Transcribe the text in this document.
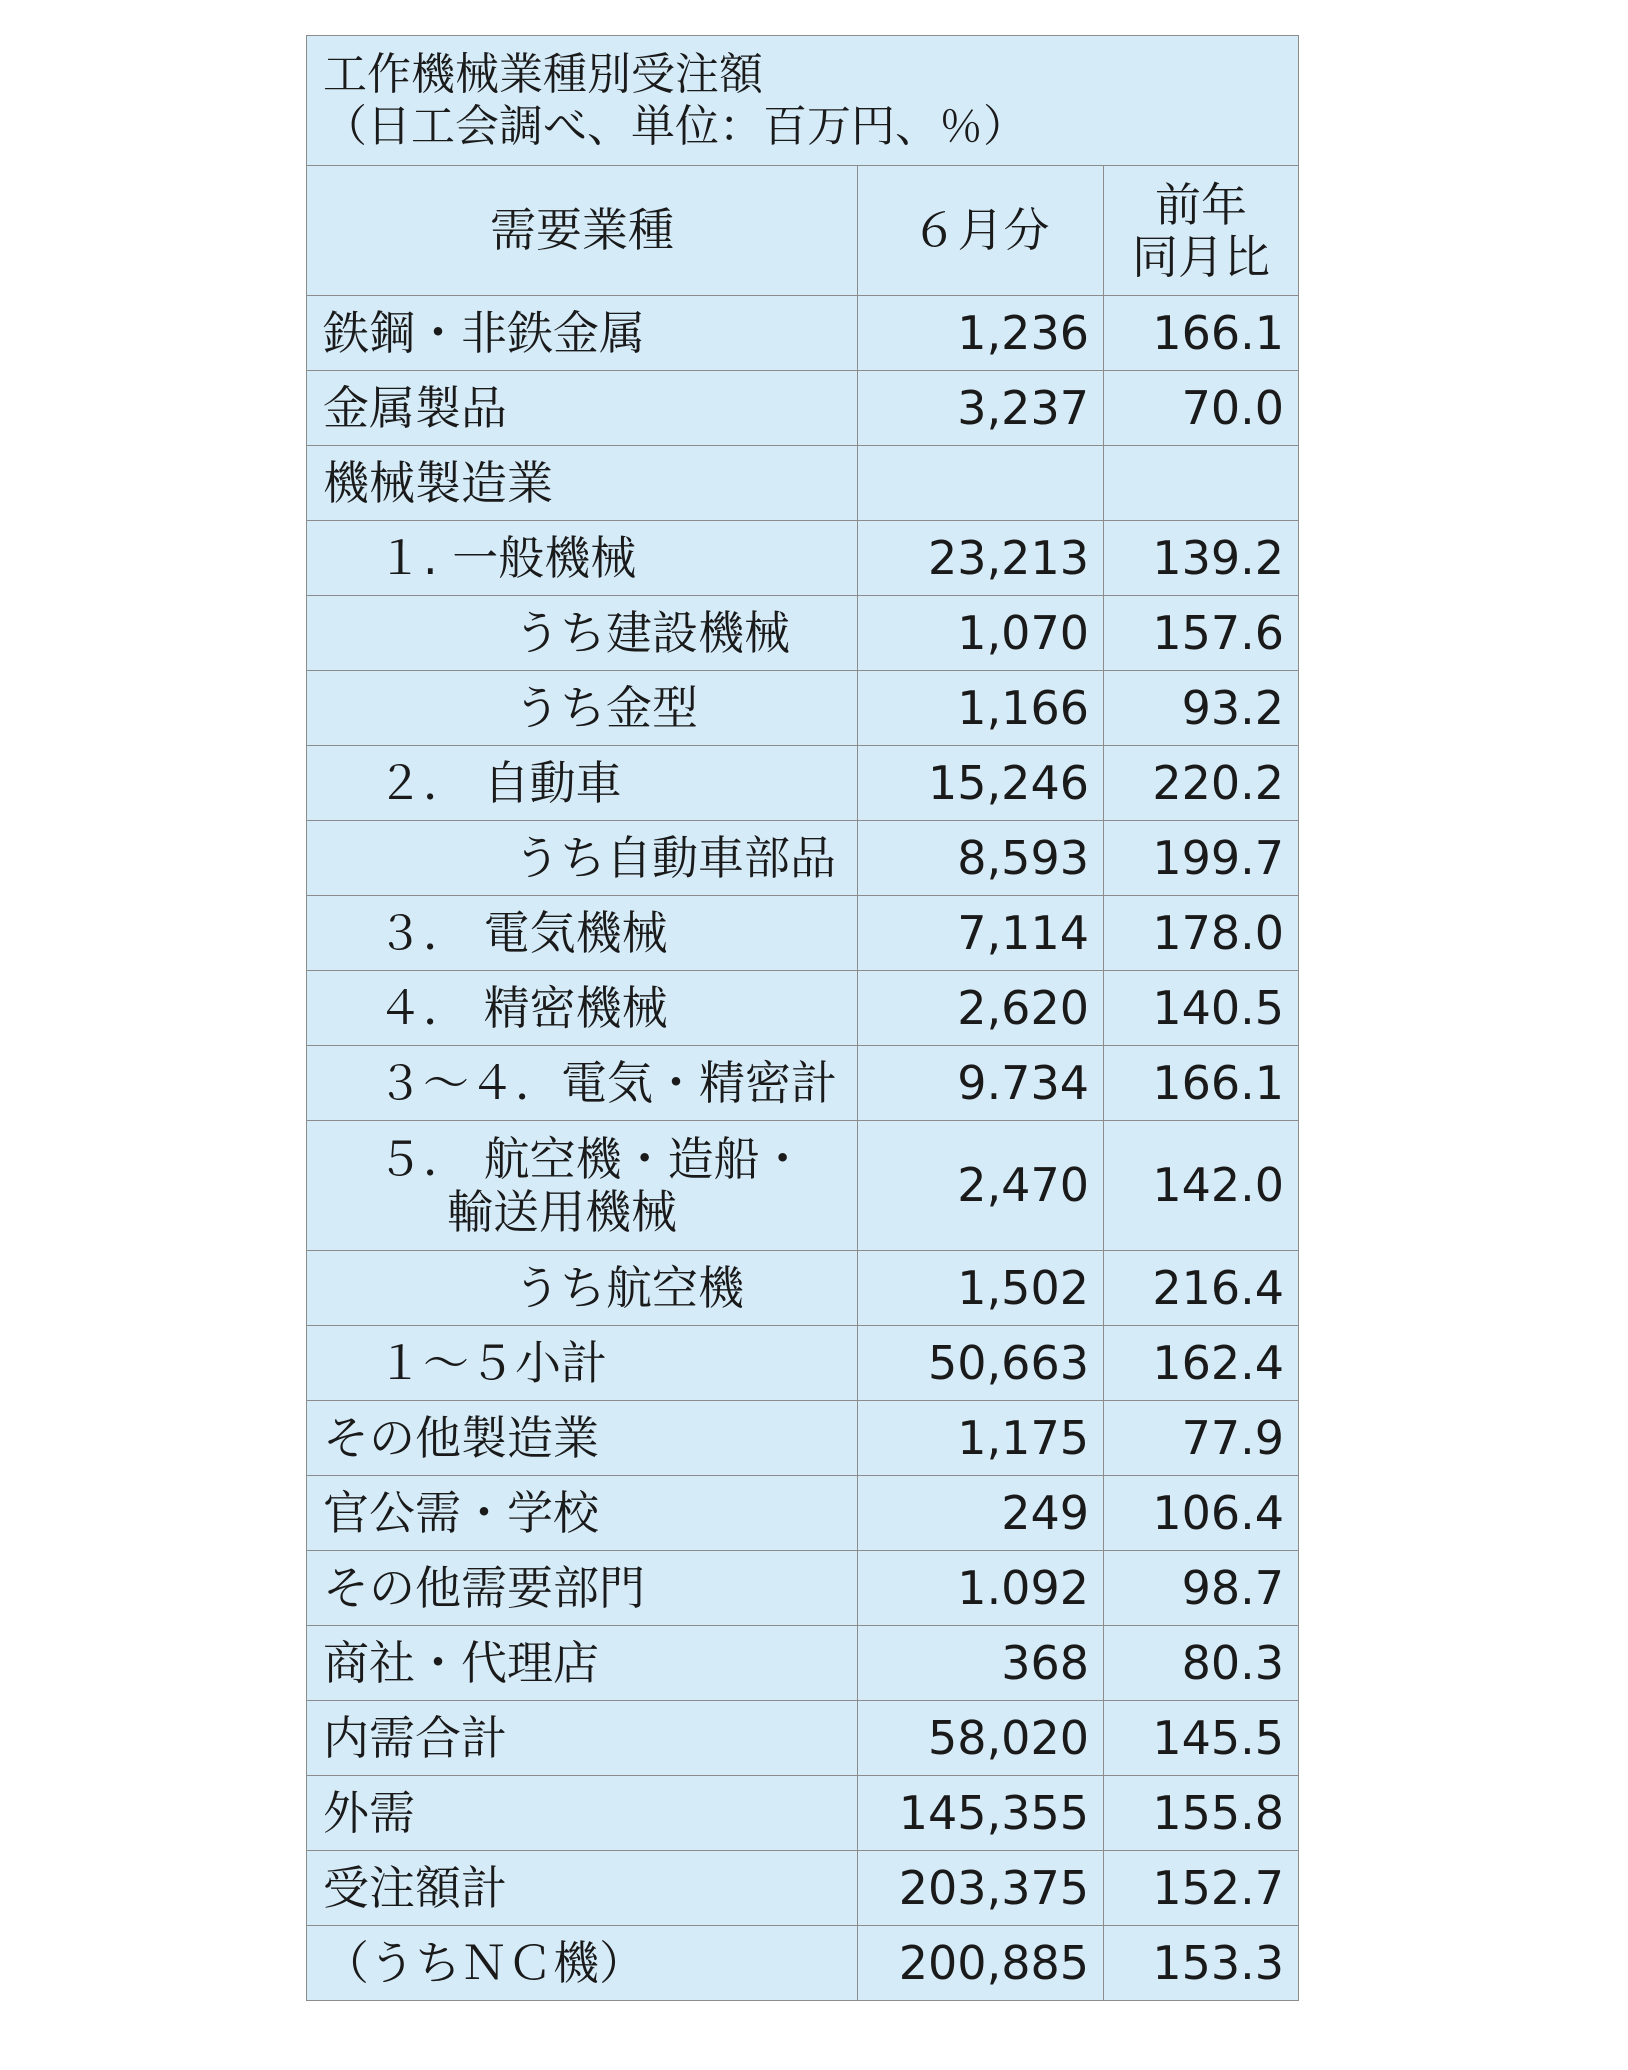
工作機械業種別受注額
（日工会調べ、単位：百万円、％）		

需要業種	６月分	前年
同月比

鉄鋼・非鉄金属	1,236	166.1
金属製品	3,237	70.0
機械製造業		
１. 一般機械	23,213	139.2
うち建設機械	1,070	157.6
うち金型	1,166	93.2
２． 自動車	15,246	220.2
うち自動車部品	8,593	199.7
３． 電気機械	7,114	178.0
４． 精密機械	2,620	140.5
３～４．電気・精密計	9.734	166.1

５． 航空機・造船・
輸送用機械	2,470	142.0
うち航空機	1,502	216.4
１～５小計	50,663	162.4
その他製造業	1,175	77.9
官公需・学校	249	106.4
その他需要部門	1.092	98.7
商社・代理店	368	80.3
内需合計	58,020	145.5
外需	145,355	155.8
受注額計	203,375	152.7
（うちＮＣ機）	200,885	153.3
